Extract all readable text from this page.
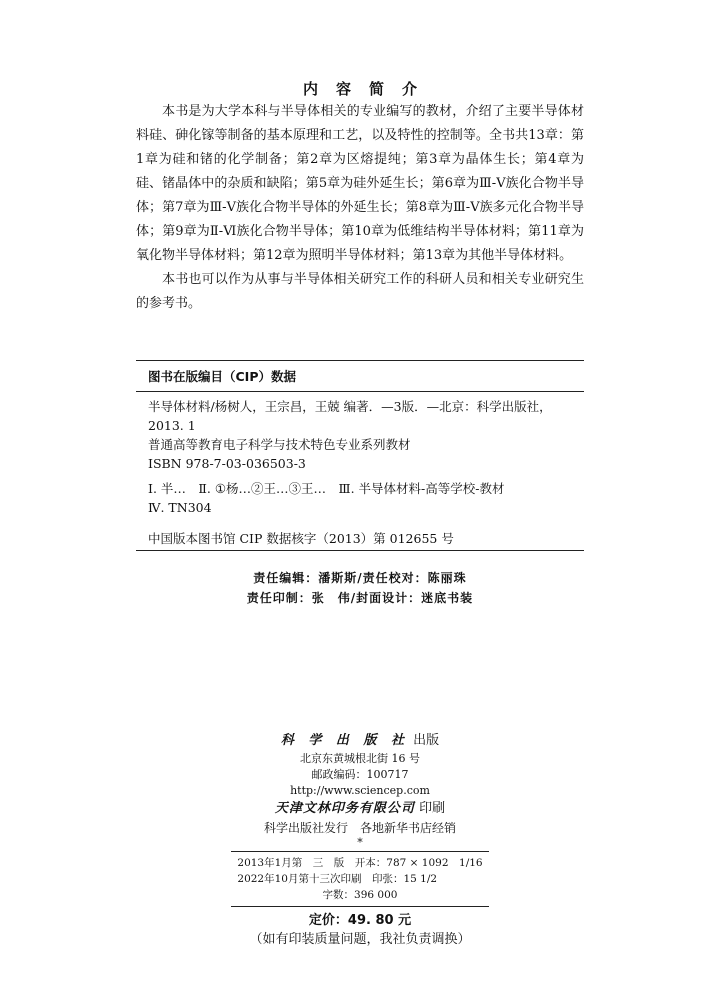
内 容 简 介

本书是为大学本科与半导体相关的专业编写的教材，介绍了主要半导体材料硅、砷化镓等制备的基本原理和工艺，以及特性的控制等。全书共13章：第1章为硅和锗的化学制备；第2章为区熔提纯；第3章为晶体生长；第4章为硅、锗晶体中的杂质和缺陷；第5章为硅外延生长；第6章为Ⅲ-Ⅴ族化合物半导体；第7章为Ⅲ-Ⅴ族化合物半导体的外延生长；第8章为Ⅲ-Ⅴ族多元化合物半导体；第9章为Ⅱ-Ⅵ族化合物半导体；第10章为低维结构半导体材料；第11章为氧化物半导体材料；第12章为照明半导体材料；第13章为其他半导体材料。

本书也可以作为从事与半导体相关研究工作的科研人员和相关专业研究生的参考书。

图书在版编目（CIP）数据
半导体材料/杨树人，王宗昌，王兢 编著．—3版．—北京：科学出版社，2013. 1
普通高等教育电子科学与技术特色专业系列教材
ISBN 978-7-03-036503-3
Ⅰ. 半…　Ⅱ. ①杨…②王…③王…　Ⅲ. 半导体材料-高等学校-教材
Ⅳ. TN304
中国版本图书馆 CIP 数据核字（2013）第 012655 号
责任编辑：潘斯斯/责任校对：陈丽珠
责任印制：张　伟/封面设计：迷底书装
科 学 出 版 社 出版
北京东黄城根北街 16 号
邮政编码：100717
http://www.sciencep.com
天津文林印务有限公司 印刷
科学出版社发行　各地新华书店经销
*
2013年1月第　三　版　开本：787 × 1092　1/16
2022年10月第十三次印刷　印张：15 1/2
字数：396 000
定价：49. 80 元
（如有印装质量问题，我社负责调换）
